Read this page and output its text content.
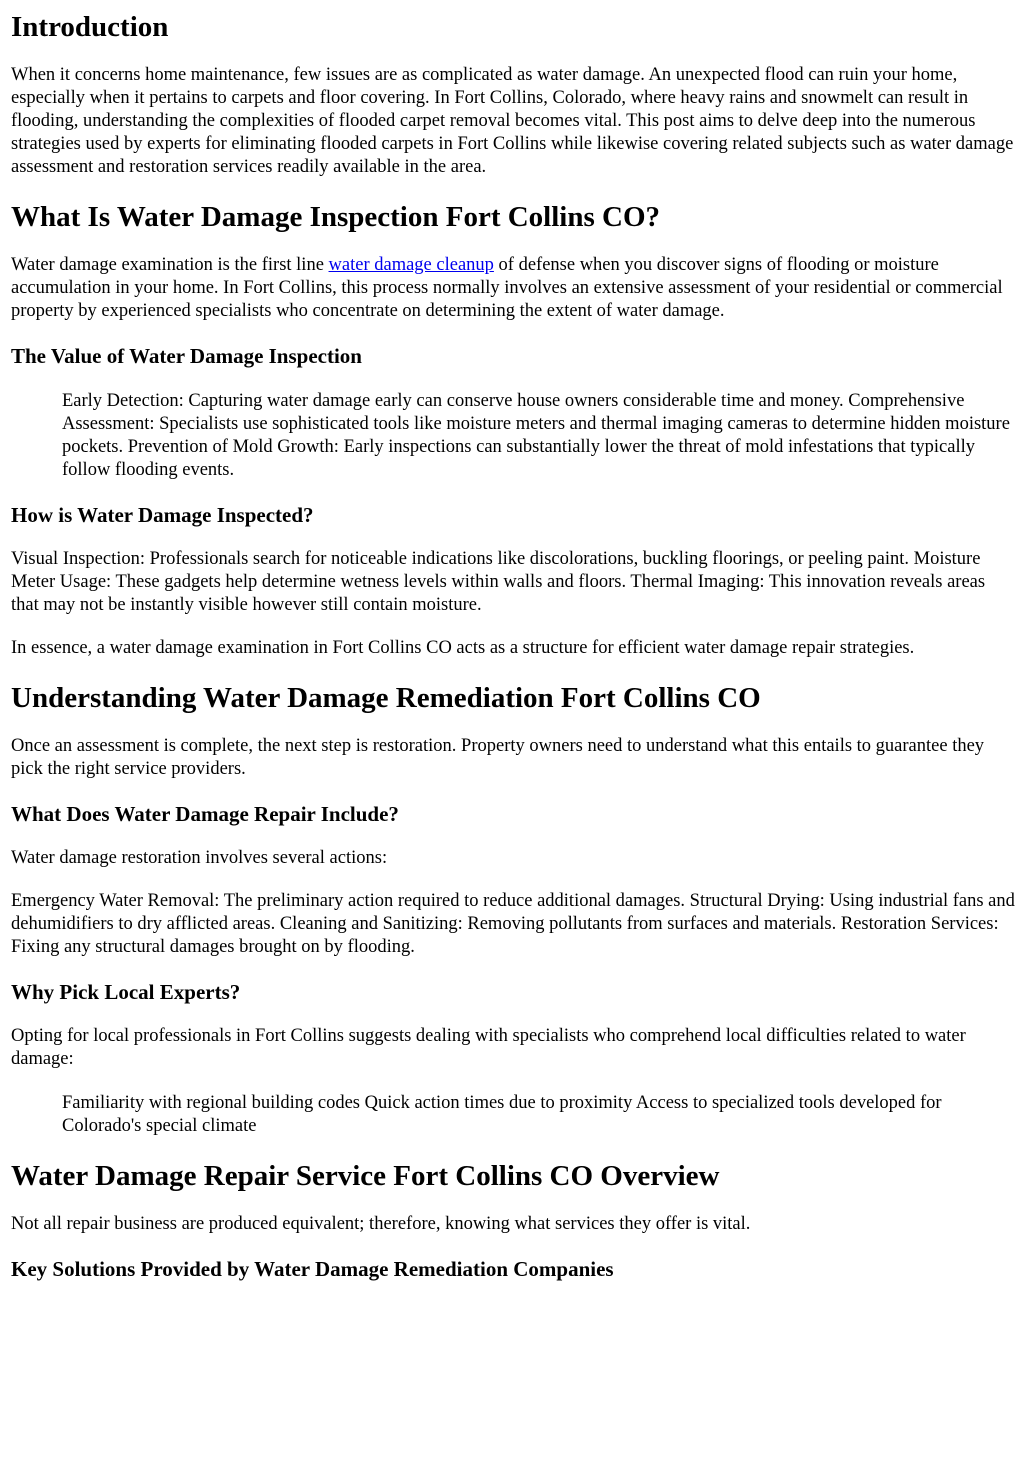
Introduction

When it concerns home maintenance, few issues are as complicated as water damage. An unexpected flood can ruin your home, especially when it pertains to carpets and floor covering. In Fort Collins, Colorado, where heavy rains and snowmelt can result in flooding, understanding the complexities of flooded carpet removal becomes vital. This post aims to delve deep into the numerous strategies used by experts for eliminating flooded carpets in Fort Collins while likewise covering related subjects such as water damage assessment and restoration services readily available in the area.

What Is Water Damage Inspection Fort Collins CO?

Water damage examination is the first line water damage cleanup of defense when you discover signs of flooding or moisture accumulation in your home. In Fort Collins, this process normally involves an extensive assessment of your residential or commercial property by experienced specialists who concentrate on determining the extent of water damage.

The Value of Water Damage Inspection
Early Detection: Capturing water damage early can conserve house owners considerable time and money. Comprehensive Assessment: Specialists use sophisticated tools like moisture meters and thermal imaging cameras to determine hidden moisture pockets. Prevention of Mold Growth: Early inspections can substantially lower the threat of mold infestations that typically follow flooding events.
How is Water Damage Inspected?

Visual Inspection: Professionals search for noticeable indications like discolorations, buckling floorings, or peeling paint. Moisture Meter Usage: These gadgets help determine wetness levels within walls and floors. Thermal Imaging: This innovation reveals areas that may not be instantly visible however still contain moisture.

In essence, a water damage examination in Fort Collins CO acts as a structure for efficient water damage repair strategies.

Understanding Water Damage Remediation Fort Collins CO

Once an assessment is complete, the next step is restoration. Property owners need to understand what this entails to guarantee they pick the right service providers.

What Does Water Damage Repair Include?

Water damage restoration involves several actions:

Emergency Water Removal: The preliminary action required to reduce additional damages. Structural Drying: Using industrial fans and dehumidifiers to dry afflicted areas. Cleaning and Sanitizing: Removing pollutants from surfaces and materials. Restoration Services: Fixing any structural damages brought on by flooding.

Why Pick Local Experts?

Opting for local professionals in Fort Collins suggests dealing with specialists who comprehend local difficulties related to water damage:

Familiarity with regional building codes Quick action times due to proximity Access to specialized tools developed for Colorado's special climate
Water Damage Repair Service Fort Collins CO Overview

Not all repair business are produced equivalent; therefore, knowing what services they offer is vital.

Key Solutions Provided by Water Damage Remediation Companies
